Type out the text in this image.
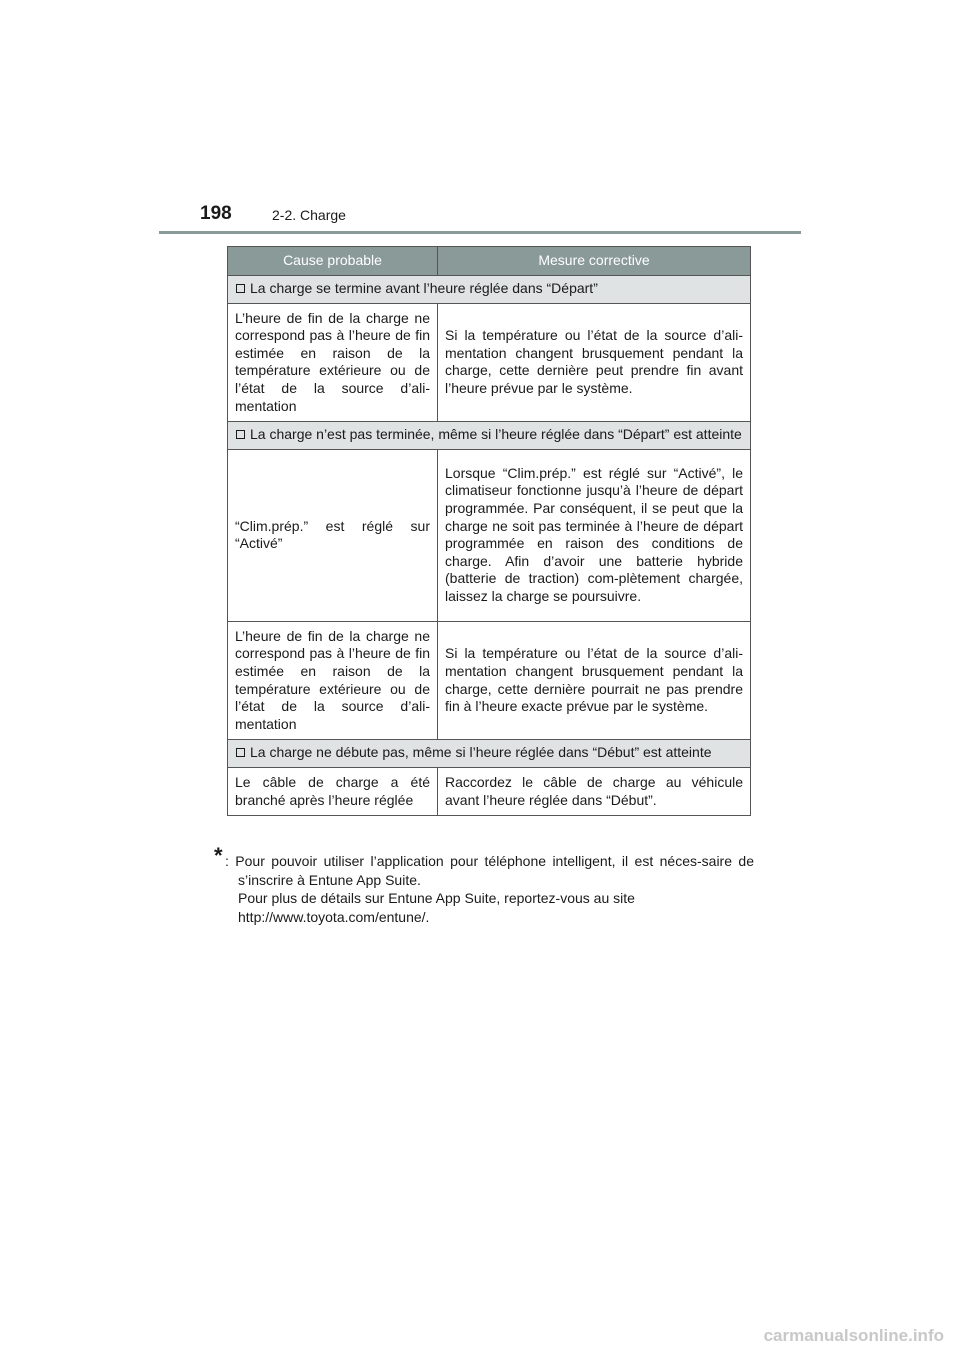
198	2-2. Charge
Cause probable	Mesure corrective

La charge se termine avant l’heure réglée dans “Départ”	

L’heure de fin de la charge ne correspond pas à l’heure de fin estimée en raison de la température extérieure ou de l’état de la source d’ali-mentation	Si la température ou l’état de la source d’ali-mentation changent brusquement pendant la charge, cette dernière peut prendre fin avant l’heure prévue par le système.

La charge n’est pas terminée, même si l’heure réglée dans “Départ” est atteinte	

“Clim.prép.” est réglé sur “Activé”	Lorsque “Clim.prép.” est réglé sur “Activé”, le climatiseur fonctionne jusqu’à l’heure de départ programmée. Par conséquent, il se peut que la charge ne soit pas terminée à l’heure de départ programmée en raison des conditions de charge. Afin d’avoir une batterie hybride (batterie de traction) com-plètement chargée, laissez la charge se poursuivre.
L’heure de fin de la charge ne correspond pas à l’heure de fin estimée en raison de la température extérieure ou de l’état de la source d’ali-mentation	Si la température ou l’état de la source d’ali-mentation changent brusquement pendant la charge, cette dernière pourrait ne pas prendre fin à l’heure exacte prévue par le système.

La charge ne débute pas, même si l’heure réglée dans “Début” est atteinte	

Le câble de charge a été branché après l’heure réglée	Raccordez le câble de charge au véhicule avant l’heure réglée dans “Début”.
* : Pour pouvoir utiliser l’application pour téléphone intelligent, il est néces-saire de s’inscrire à Entune App Suite.
Pour plus de détails sur Entune App Suite, reportez-vous au site
http://www.toyota.com/entune/.
carmanualsonline.info
